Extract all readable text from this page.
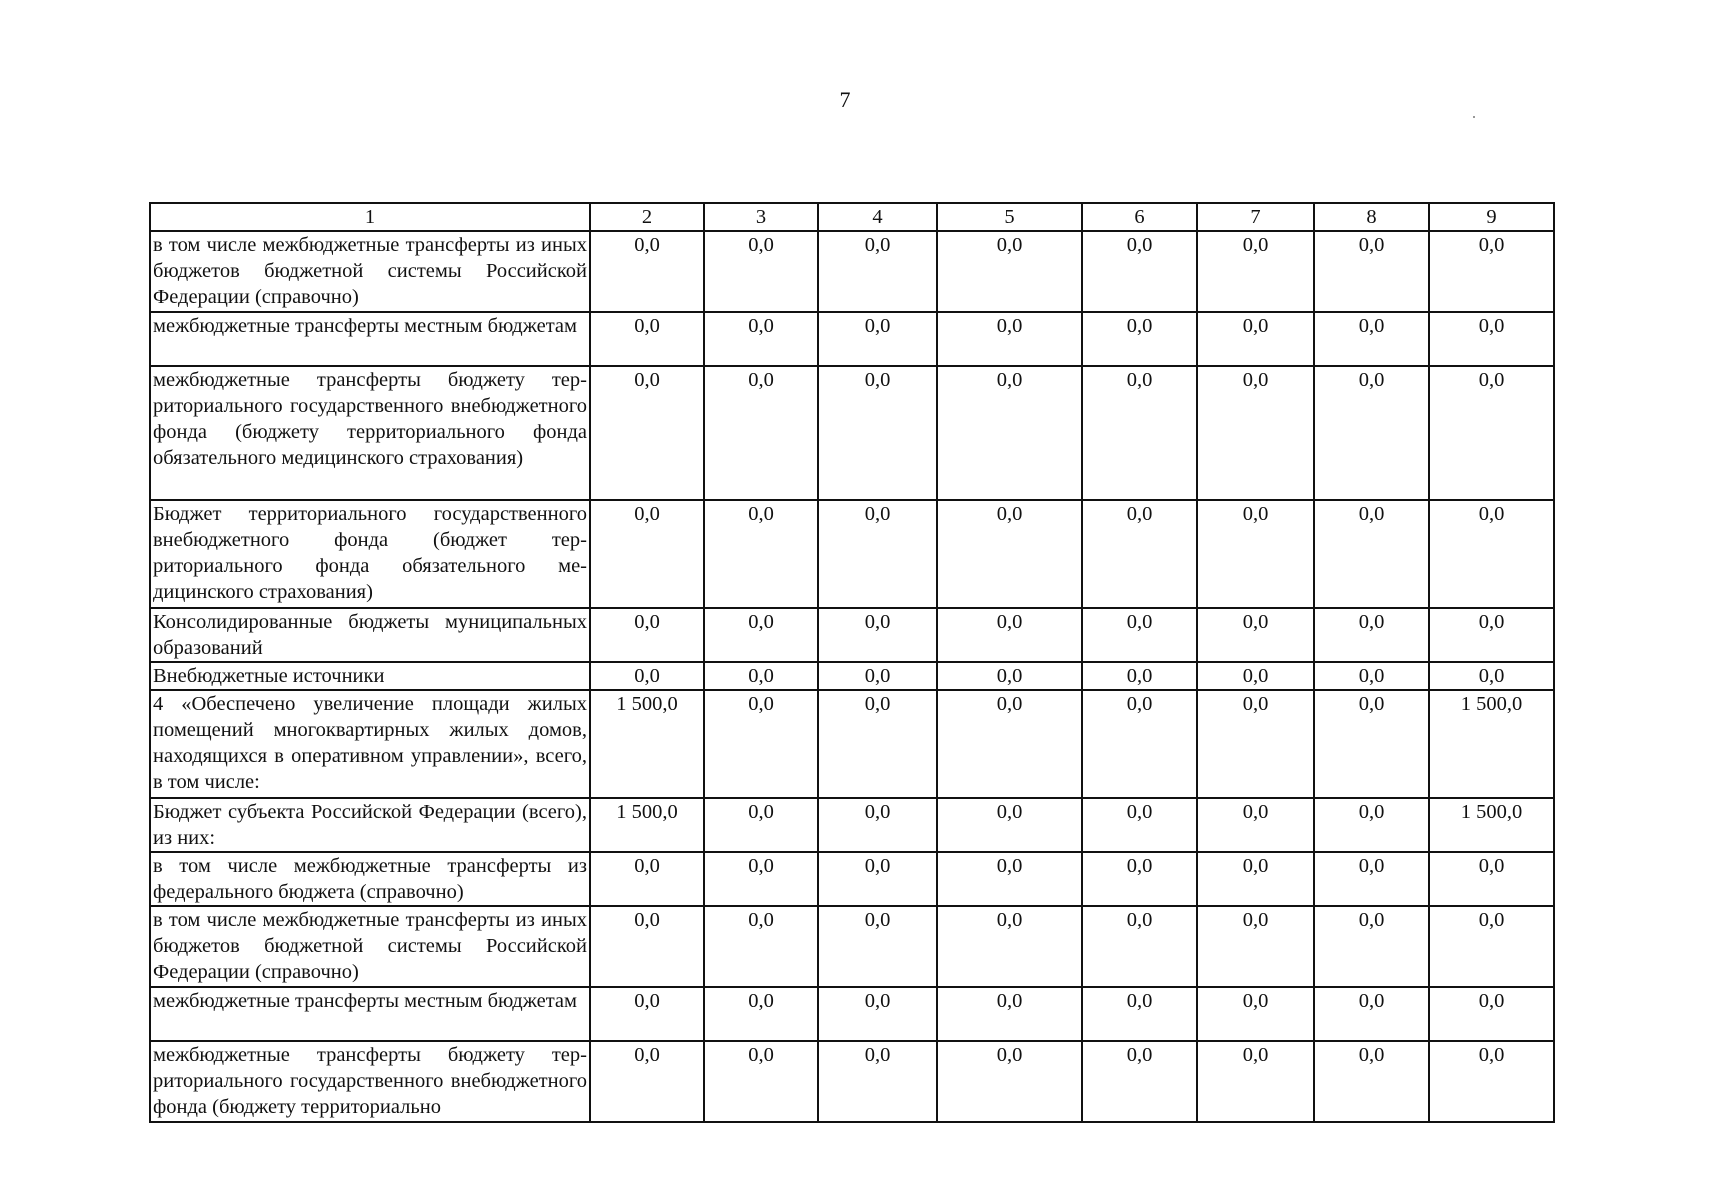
7
1	2	3	4	5	6	7	8	9
в том числе межбюджетные трансферты из иных бюджетов бюджетной системы Российской Федерации (справочно)	0,0	0,0	0,0	0,0	0,0	0,0	0,0	0,0
межбюджетные трансферты местным бюджетам	0,0	0,0	0,0	0,0	0,0	0,0	0,0	0,0
межбюджетные трансферты бюджету территориального государственного внебюджетного фонда (бюджету территориального фонда обязательного медицинского страхования)	0,0	0,0	0,0	0,0	0,0	0,0	0,0	0,0
Бюджет территориального государственного внебюджетного фонда (бюджет территориального фонда обязательного медицинского страхования)	0,0	0,0	0,0	0,0	0,0	0,0	0,0	0,0
Консолидированные бюджеты муниципальных образований	0,0	0,0	0,0	0,0	0,0	0,0	0,0	0,0
Внебюджетные источники	0,0	0,0	0,0	0,0	0,0	0,0	0,0	0,0
4 «Обеспечено увеличение площади жилых помещений многоквартирных жилых домов, находящихся в оперативном управлении», всего, в том числе:	1 500,0	0,0	0,0	0,0	0,0	0,0	0,0	1 500,0
Бюджет субъекта Российской Федерации (всего), из них:	1 500,0	0,0	0,0	0,0	0,0	0,0	0,0	1 500,0
в том числе межбюджетные трансферты из федерального бюджета (справочно)	0,0	0,0	0,0	0,0	0,0	0,0	0,0	0,0
в том числе межбюджетные трансферты из иных бюджетов бюджетной системы Российской Федерации (справочно)	0,0	0,0	0,0	0,0	0,0	0,0	0,0	0,0
межбюджетные трансферты местным бюджетам	0,0	0,0	0,0	0,0	0,0	0,0	0,0	0,0
межбюджетные трансферты бюджету территориального государственного внебюджетного фонда (бюджету территориально	0,0	0,0	0,0	0,0	0,0	0,0	0,0	0,0
